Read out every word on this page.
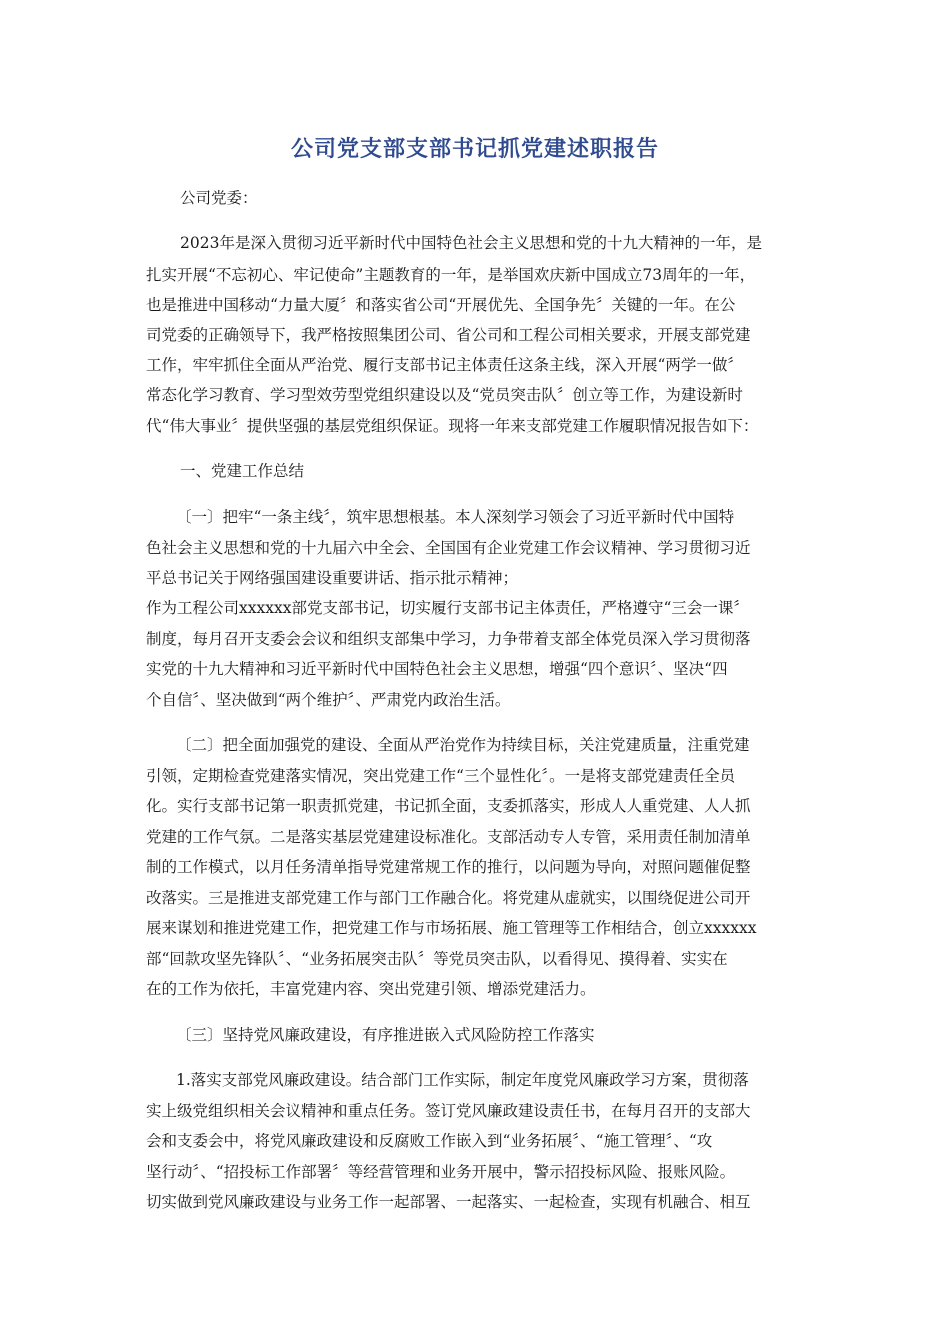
公司党支部支部书记抓党建述职报告
公司党委：
2023年是深入贯彻习近平新时代中国特色社会主义思想和党的十九大精神的一年，是
扎实开展“不忘初心、牢记使命”主题教育的一年，是举国欢庆新中国成立73周年的一年，
也是推进中国移动“力量大厦〞和落实省公司“开展优先、全国争先〞关键的一年。在公
司党委的正确领导下，我严格按照集团公司、省公司和工程公司相关要求，开展支部党建
工作，牢牢抓住全面从严治党、履行支部书记主体责任这条主线，深入开展“两学一做〞
常态化学习教育、学习型效劳型党组织建设以及“党员突击队〞创立等工作，为建设新时
代“伟大事业〞提供坚强的基层党组织保证。现将一年来支部党建工作履职情况报告如下：
一、党建工作总结
〔一〕把牢“一条主线〞，筑牢思想根基。本人深刻学习领会了习近平新时代中国特
色社会主义思想和党的十九届六中全会、全国国有企业党建工作会议精神、学习贯彻习近
平总书记关于网络强国建设重要讲话、指示批示精神；
作为工程公司xxxxxx部党支部书记，切实履行支部书记主体责任，严格遵守“三会一课〞
制度，每月召开支委会会议和组织支部集中学习，力争带着支部全体党员深入学习贯彻落
实党的十九大精神和习近平新时代中国特色社会主义思想，增强“四个意识〞、坚决“四
个自信〞、坚决做到“两个维护〞、严肃党内政治生活。
〔二〕把全面加强党的建设、全面从严治党作为持续目标，关注党建质量，注重党建
引领，定期检查党建落实情况，突出党建工作“三个显性化〞。一是将支部党建责任全员
化。实行支部书记第一职责抓党建，书记抓全面，支委抓落实，形成人人重党建、人人抓
党建的工作气氛。二是落实基层党建建设标准化。支部活动专人专管，采用责任制加清单
制的工作模式，以月任务清单指导党建常规工作的推行，以问题为导向，对照问题催促整
改落实。三是推进支部党建工作与部门工作融合化。将党建从虚就实，以围绕促进公司开
展来谋划和推进党建工作，把党建工作与市场拓展、施工管理等工作相结合，创立xxxxxx
部“回款攻坚先锋队〞、“业务拓展突击队〞等党员突击队，以看得见、摸得着、实实在
在的工作为依托，丰富党建内容、突出党建引领、增添党建活力。
〔三〕坚持党风廉政建设，有序推进嵌入式风险防控工作落实
1.落实支部党风廉政建设。结合部门工作实际，制定年度党风廉政学习方案，贯彻落
实上级党组织相关会议精神和重点任务。签订党风廉政建设责任书，在每月召开的支部大
会和支委会中，将党风廉政建设和反腐败工作嵌入到“业务拓展〞、“施工管理〞、“攻
坚行动〞、“招投标工作部署〞等经营管理和业务开展中，警示招投标风险、报账风险。
切实做到党风廉政建设与业务工作一起部署、一起落实、一起检查，实现有机融合、相互
